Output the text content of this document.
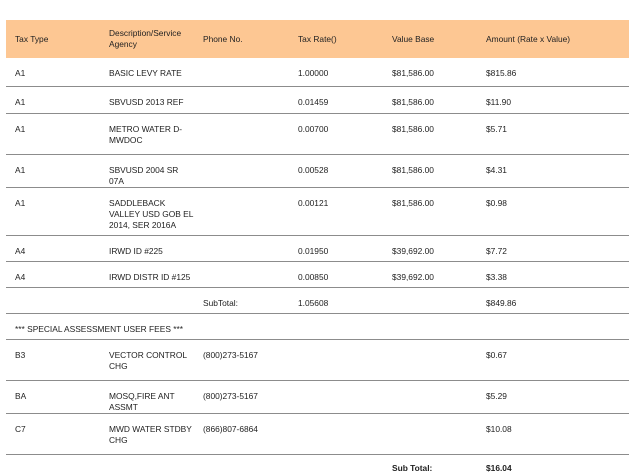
Tax Type	Description/Service Agency	Phone No.	Tax Rate()	Value Base	Amount (Rate x Value)
A1	BASIC LEVY RATE		1.00000	$81,586.00	$815.86
A1	SBVUSD 2013 REF		0.01459	$81,586.00	$11.90
A1	METRO WATER D-MWDOC		0.00700	$81,586.00	$5.71
A1	SBVUSD 2004 SR 07A		0.00528	$81,586.00	$4.31
A1	SADDLEBACK VALLEY USD GOB EL 2014, SER 2016A		0.00121	$81,586.00	$0.98
A4	IRWD ID #225		0.01950	$39,692.00	$7.72
A4	IRWD DISTR ID #125		0.00850	$39,692.00	$3.38
		SubTotal:	1.05608		$849.86
*** SPECIAL ASSESSMENT USER FEES ***					
B3	VECTOR CONTROL CHG	(800)273-5167			$0.67
BA	MOSQ,FIRE ANT ASSMT	(800)273-5167			$5.29
C7	MWD WATER STDBY CHG	(866)807-6864			$10.08
				Sub Total:	$16.04
